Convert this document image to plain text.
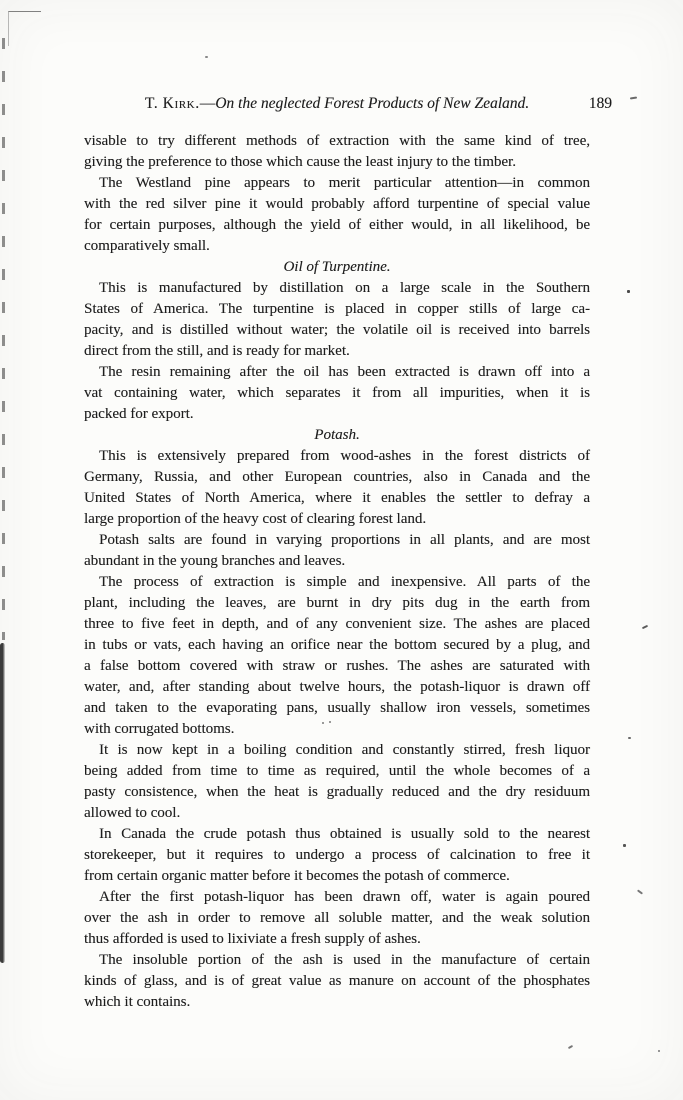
T. Kirk.—On the neglected Forest Products of New Zealand.	189
visable to try different methods of extraction with the same kind of tree,
giving the preference to those which cause the least injury to the timber.
The Westland pine appears to merit particular attention—in common
with the red silver pine it would probably afford turpentine of special value
for certain purposes, although the yield of either would, in all likelihood, be
comparatively small.
Oil of Turpentine.
This is manufactured by distillation on a large scale in the Southern
States of America. The turpentine is placed in copper stills of large ca-
pacity, and is distilled without water; the volatile oil is received into barrels
direct from the still, and is ready for market.
The resin remaining after the oil has been extracted is drawn off into a
vat containing water, which separates it from all impurities, when it is
packed for export.
Potash.
This is extensively prepared from wood-ashes in the forest districts of
Germany, Russia, and other European countries, also in Canada and the
United States of North America, where it enables the settler to defray a
large proportion of the heavy cost of clearing forest land.
Potash salts are found in varying proportions in all plants, and are most
abundant in the young branches and leaves.
The process of extraction is simple and inexpensive. All parts of the
plant, including the leaves, are burnt in dry pits dug in the earth from
three to five feet in depth, and of any convenient size. The ashes are placed
in tubs or vats, each having an orifice near the bottom secured by a plug, and
a false bottom covered with straw or rushes. The ashes are saturated with
water, and, after standing about twelve hours, the potash-liquor is drawn off
and taken to the evaporating pans, usually shallow iron vessels, sometimes
with corrugated bottoms.
It is now kept in a boiling condition and constantly stirred, fresh liquor
being added from time to time as required, until the whole becomes of a
pasty consistence, when the heat is gradually reduced and the dry residuum
allowed to cool.
In Canada the crude potash thus obtained is usually sold to the nearest
storekeeper, but it requires to undergo a process of calcination to free it
from certain organic matter before it becomes the potash of commerce.
After the first potash-liquor has been drawn off, water is again poured
over the ash in order to remove all soluble matter, and the weak solution
thus afforded is used to lixiviate a fresh supply of ashes.
The insoluble portion of the ash is used in the manufacture of certain
kinds of glass, and is of great value as manure on account of the phosphates
which it contains.
